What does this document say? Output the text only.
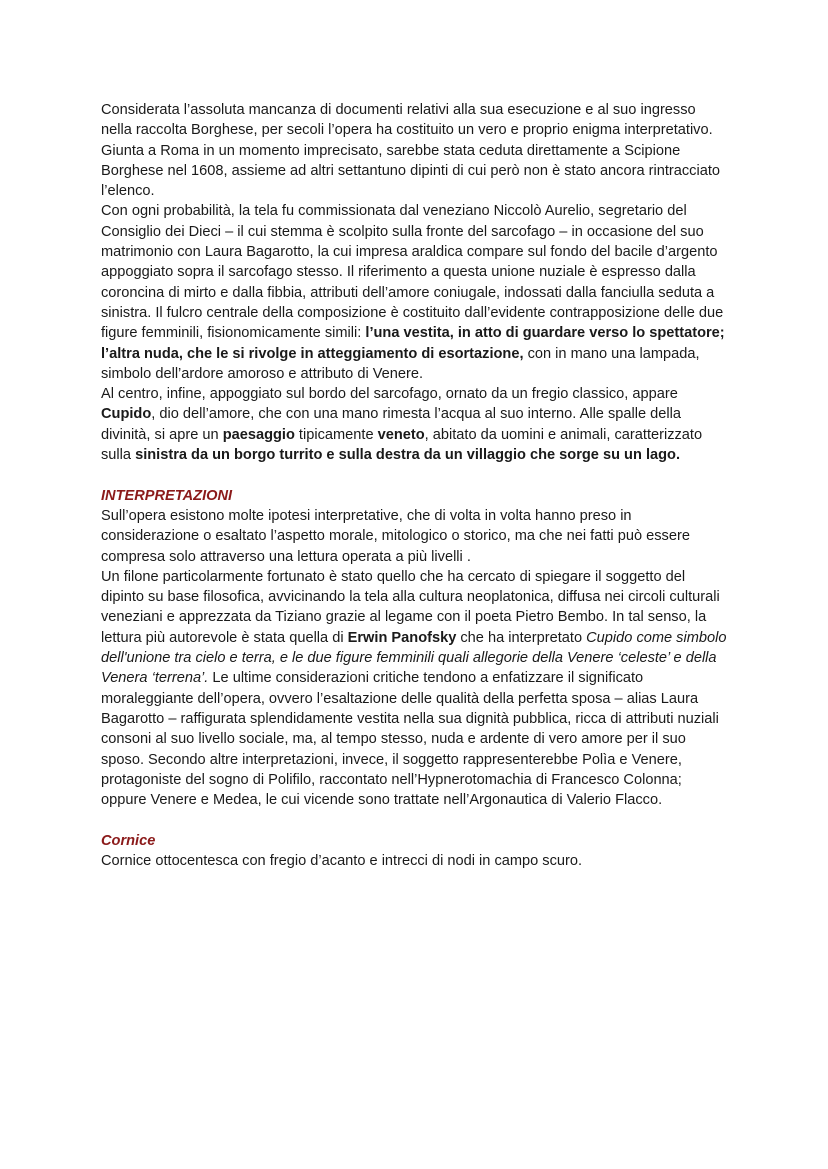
Considerata l’assoluta mancanza di documenti relativi alla sua esecuzione e al suo ingresso nella raccolta Borghese, per secoli l’opera ha costituito un vero e proprio enigma interpretativo. Giunta a Roma in un momento imprecisato, sarebbe stata ceduta direttamente a Scipione Borghese nel 1608, assieme ad altri settantuno dipinti di cui però non è stato ancora rintracciato l’elenco.

Con ogni probabilità, la tela fu commissionata dal veneziano Niccolò Aurelio, segretario del Consiglio dei Dieci – il cui stemma è scolpito sulla fronte del sarcofago – in occasione del suo matrimonio con Laura Bagarotto, la cui impresa araldica compare sul fondo del bacile d’argento appoggiato sopra il sarcofago stesso. Il riferimento a questa unione nuziale è espresso dalla coroncina di mirto e dalla fibbia, attributi dell’amore coniugale, indossati dalla fanciulla seduta a sinistra. Il fulcro centrale della composizione è costituito dall’evidente contrapposizione delle due figure femminili, fisionomicamente simili: l’una vestita, in atto di guardare verso lo spettatore; l’altra nuda, che le si rivolge in atteggiamento di esortazione, con in mano una lampada, simbolo dell’ardore amoroso e attributo di Venere.

Al centro, infine, appoggiato sul bordo del sarcofago, ornato da un fregio classico, appare Cupido, dio dell’amore, che con una mano rimesta l’acqua al suo interno. Alle spalle della divinità, si apre un paesaggio tipicamente veneto, abitato da uomini e animali, caratterizzato sulla sinistra da un borgo turrito e sulla destra da un villaggio che sorge su un lago.

INTERPRETAZIONI

Sull’opera esistono molte ipotesi interpretative, che di volta in volta hanno preso in considerazione o esaltato l’aspetto morale, mitologico o storico, ma che nei fatti può essere compresa solo attraverso una lettura operata a più livelli .

Un filone particolarmente fortunato è stato quello che ha cercato di spiegare il soggetto del dipinto su base filosofica, avvicinando la tela alla cultura neoplatonica, diffusa nei circoli culturali veneziani e apprezzata da Tiziano grazie al legame con il poeta Pietro Bembo. In tal senso, la lettura più autorevole è stata quella di Erwin Panofsky che ha interpretato Cupido come simbolo dell'unione tra cielo e terra, e le due figure femminili quali allegorie della Venere ‘celeste’ e della Venera ‘terrena’. Le ultime considerazioni critiche tendono a enfatizzare il significato moraleggiante dell’opera, ovvero l’esaltazione delle qualità della perfetta sposa – alias Laura Bagarotto – raffigurata splendidamente vestita nella sua dignità pubblica, ricca di attributi nuziali consoni al suo livello sociale, ma, al tempo stesso, nuda e ardente di vero amore per il suo sposo. Secondo altre interpretazioni, invece, il soggetto rappresenterebbe Polìa e Venere, protagoniste del sogno di Polifilo, raccontato nell’Hypnerotomachia di Francesco Colonna; oppure Venere e Medea, le cui vicende sono trattate nell’Argonautica di Valerio Flacco.

Cornice

Cornice ottocentesca con fregio d’acanto e intrecci di nodi in campo scuro.
